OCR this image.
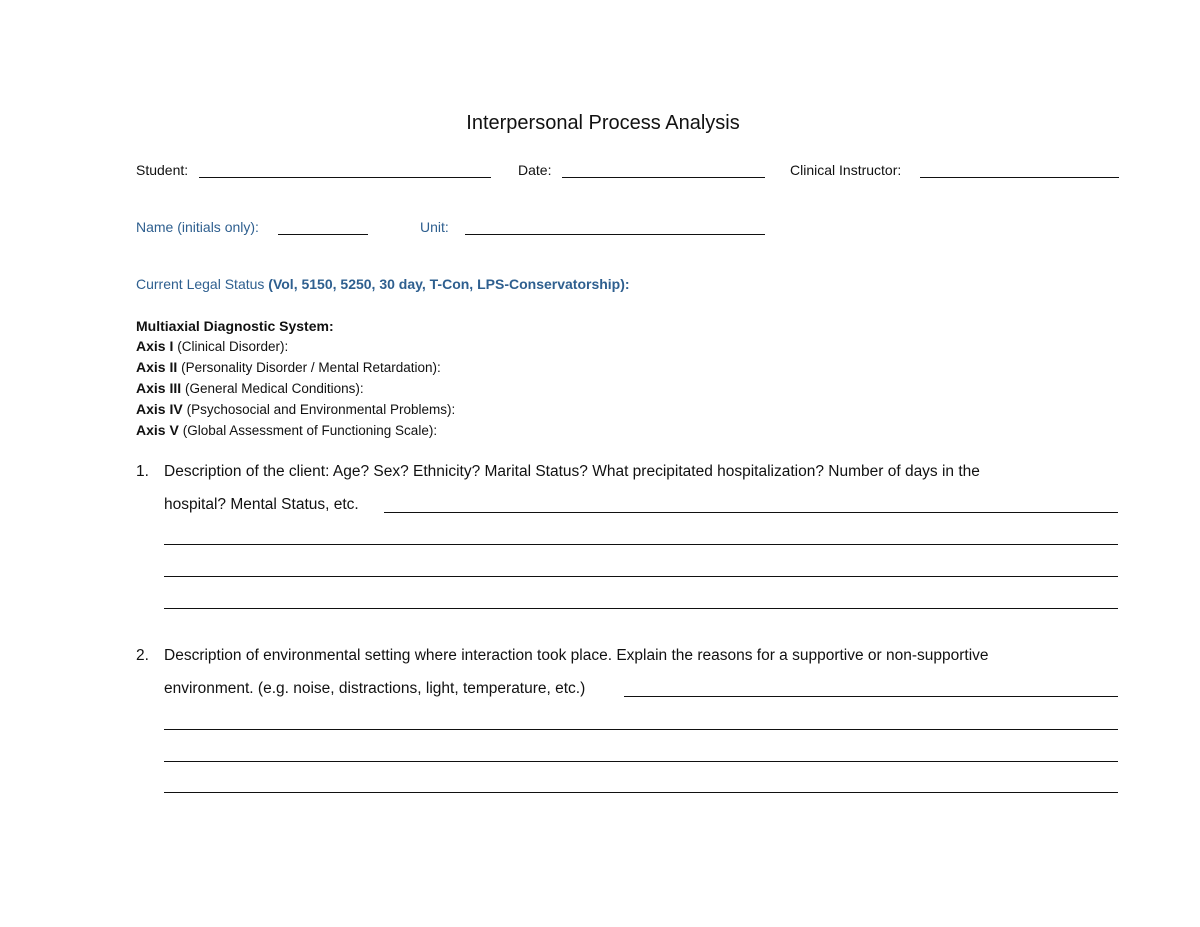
Interpersonal Process Analysis
Student:	Date:	Clinical Instructor:
Name (initials only):	Unit:
Current Legal Status (Vol, 5150, 5250, 30 day, T-Con, LPS-Conservatorship):
Multiaxial Diagnostic System:
Axis I (Clinical Disorder):
Axis II (Personality Disorder / Mental Retardation):
Axis III (General Medical Conditions):
Axis IV (Psychosocial and Environmental Problems):
Axis V (Global Assessment of Functioning Scale):
1. Description of the client: Age? Sex? Ethnicity? Marital Status? What precipitated hospitalization? Number of days in the
hospital? Mental Status, etc.
2. Description of environmental setting where interaction took place. Explain the reasons for a supportive or non-supportive
environment. (e.g. noise, distractions, light, temperature, etc.)
